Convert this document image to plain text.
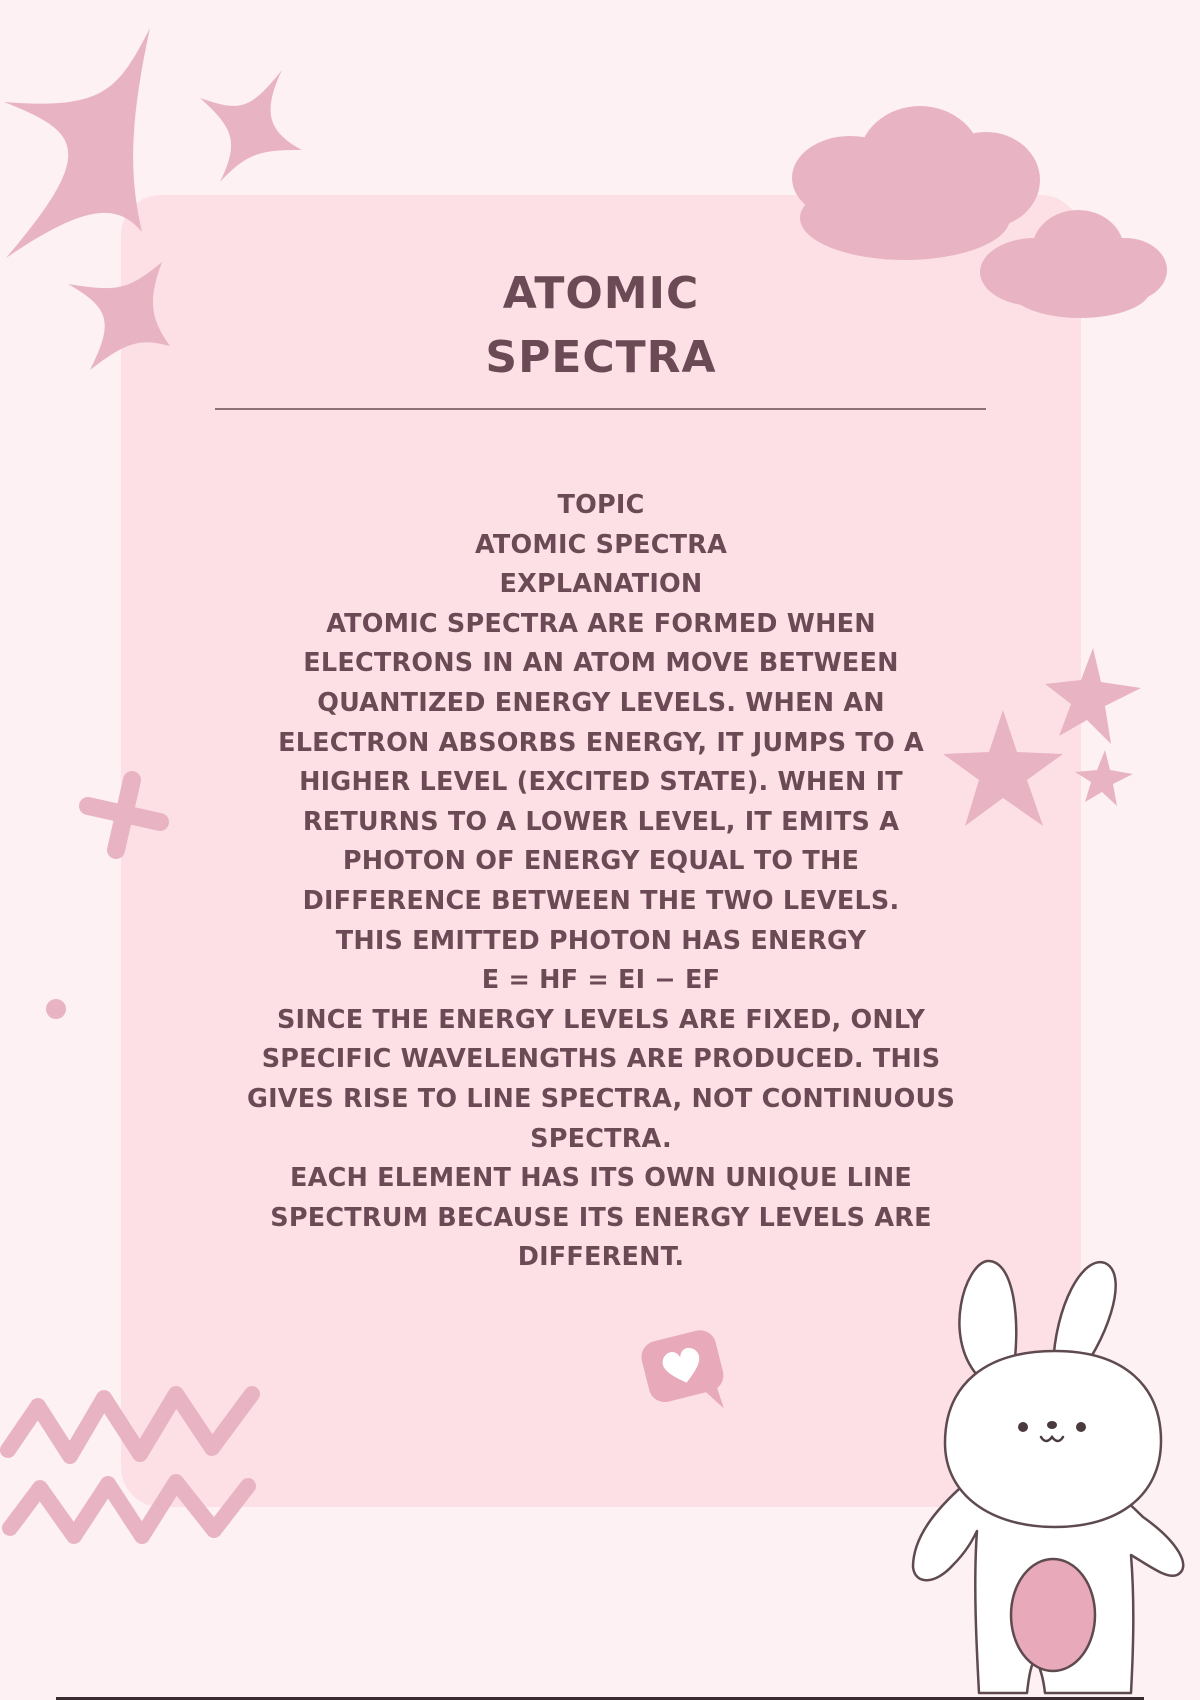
ATOMIC
SPECTRA
TOPIC
ATOMIC SPECTRA
EXPLANATION
ATOMIC SPECTRA ARE FORMED WHEN
ELECTRONS IN AN ATOM MOVE BETWEEN
QUANTIZED ENERGY LEVELS. WHEN AN
ELECTRON ABSORBS ENERGY, IT JUMPS TO A
HIGHER LEVEL (EXCITED STATE). WHEN IT
RETURNS TO A LOWER LEVEL, IT EMITS A
PHOTON OF ENERGY EQUAL TO THE
DIFFERENCE BETWEEN THE TWO LEVELS.
THIS EMITTED PHOTON HAS ENERGY
E = HF = EI − EF
SINCE THE ENERGY LEVELS ARE FIXED, ONLY
SPECIFIC WAVELENGTHS ARE PRODUCED. THIS
GIVES RISE TO LINE SPECTRA, NOT CONTINUOUS
SPECTRA.
EACH ELEMENT HAS ITS OWN UNIQUE LINE
SPECTRUM BECAUSE ITS ENERGY LEVELS ARE
DIFFERENT.
